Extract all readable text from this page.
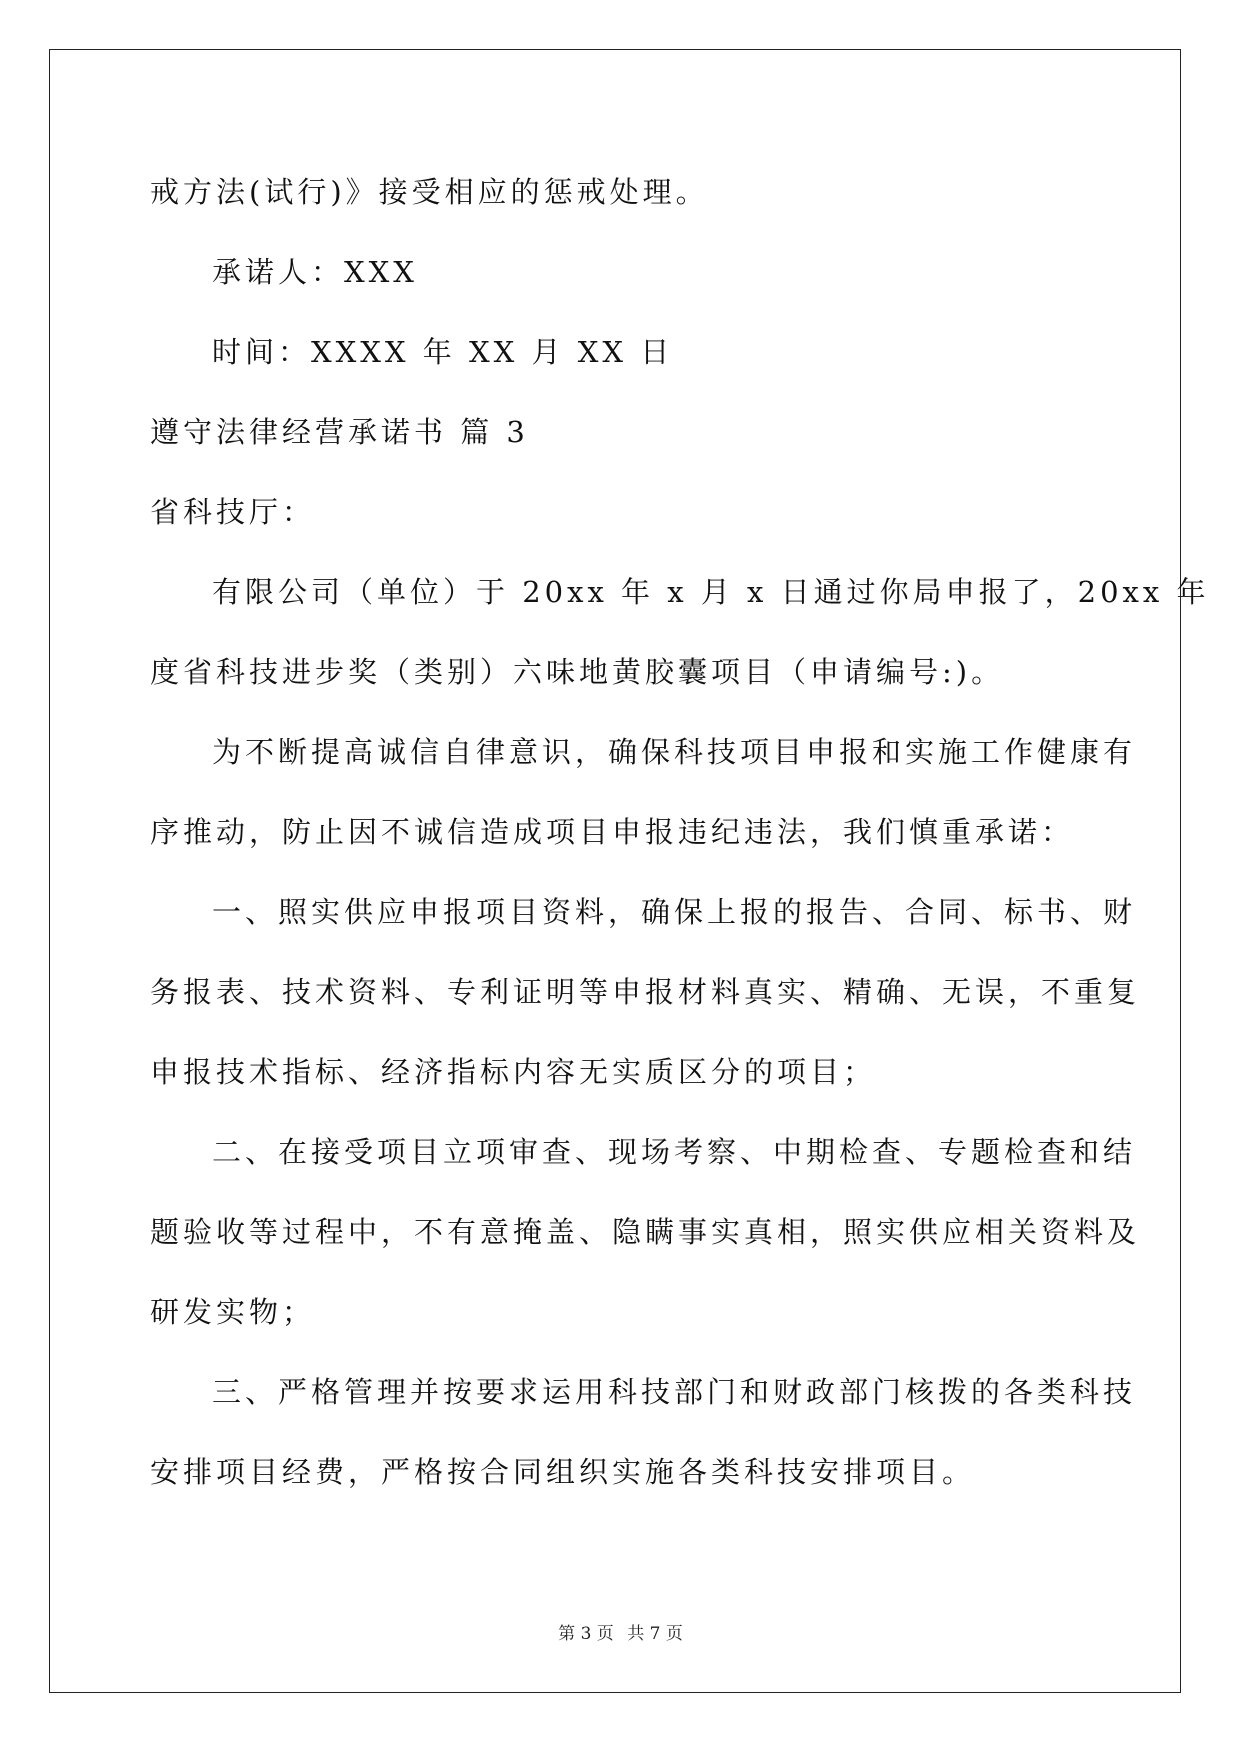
戒方法(试行)》接受相应的惩戒处理。
承诺人：XXX
时间：XXXX 年 XX 月 XX 日
遵守法律经营承诺书 篇 3
省科技厅：
有限公司（单位）于 20xx 年 x 月 x 日通过你局申报了，20xx 年
度省科技进步奖（类别）六味地黄胶囊项目（申请编号:)。
为不断提高诚信自律意识，确保科技项目申报和实施工作健康有
序推动，防止因不诚信造成项目申报违纪违法，我们慎重承诺：
一、照实供应申报项目资料，确保上报的报告、合同、标书、财
务报表、技术资料、专利证明等申报材料真实、精确、无误，不重复
申报技术指标、经济指标内容无实质区分的项目；
二、在接受项目立项审查、现场考察、中期检查、专题检查和结
题验收等过程中，不有意掩盖、隐瞒事实真相，照实供应相关资料及
研发实物；
三、严格管理并按要求运用科技部门和财政部门核拨的各类科技
安排项目经费，严格按合同组织实施各类科技安排项目。
第 3 页 共 7 页
